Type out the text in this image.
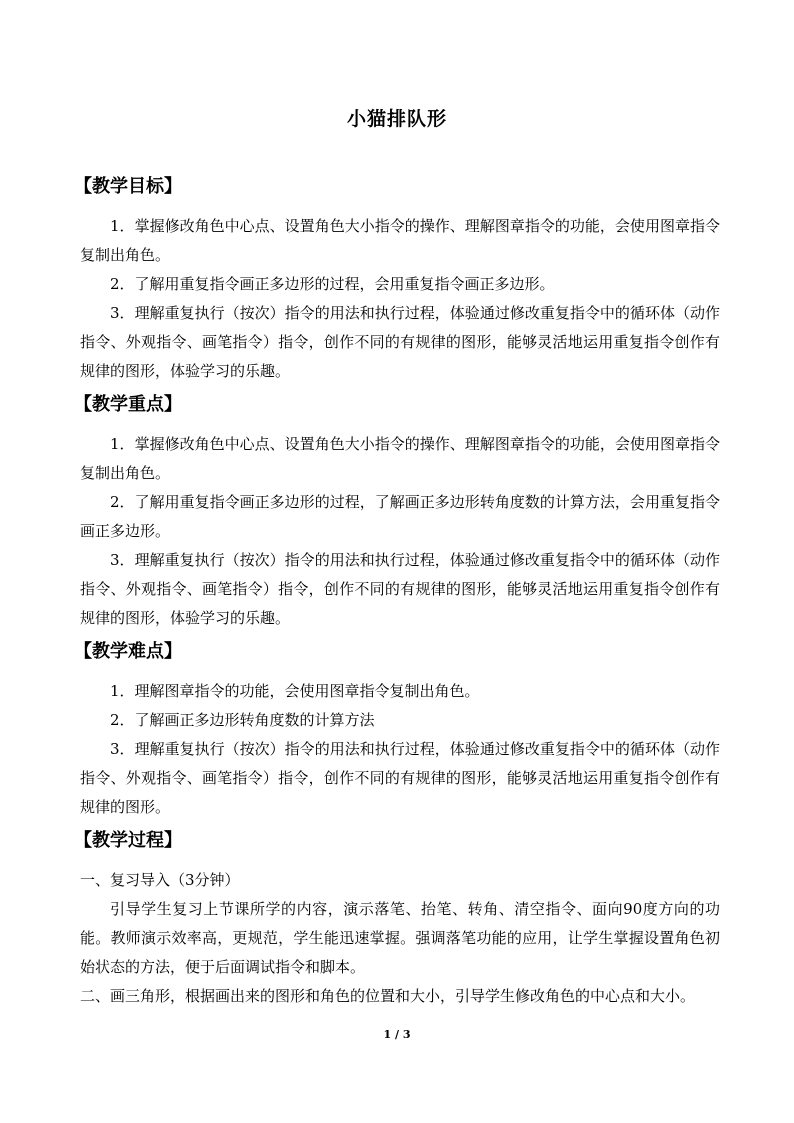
小猫排队形

【教学目标】

1．掌握修改角色中心点、设置角色大小指令的操作、理解图章指令的功能，会使用图章指令复制出角色。

2．了解用重复指令画正多边形的过程，会用重复指令画正多边形。

3．理解重复执行（按次）指令的用法和执行过程，体验通过修改重复指令中的循环体（动作指令、外观指令、画笔指令）指令，创作不同的有规律的图形，能够灵活地运用重复指令创作有规律的图形，体验学习的乐趣。

【教学重点】

1．掌握修改角色中心点、设置角色大小指令的操作、理解图章指令的功能，会使用图章指令复制出角色。

2．了解用重复指令画正多边形的过程，了解画正多边形转角度数的计算方法，会用重复指令画正多边形。

3．理解重复执行（按次）指令的用法和执行过程，体验通过修改重复指令中的循环体（动作指令、外观指令、画笔指令）指令，创作不同的有规律的图形，能够灵活地运用重复指令创作有规律的图形，体验学习的乐趣。

【教学难点】

1．理解图章指令的功能，会使用图章指令复制出角色。

2．了解画正多边形转角度数的计算方法

3．理解重复执行（按次）指令的用法和执行过程，体验通过修改重复指令中的循环体（动作指令、外观指令、画笔指令）指令，创作不同的有规律的图形，能够灵活地运用重复指令创作有规律的图形。

【教学过程】

一、复习导入（3分钟）

引导学生复习上节课所学的内容，演示落笔、抬笔、转角、清空指令、面向90度方向的功能。教师演示效率高，更规范，学生能迅速掌握。强调落笔功能的应用，让学生掌握设置角色初始状态的方法，便于后面调试指令和脚本。

二、画三角形，根据画出来的图形和角色的位置和大小，引导学生修改角色的中心点和大小。

1 / 3
